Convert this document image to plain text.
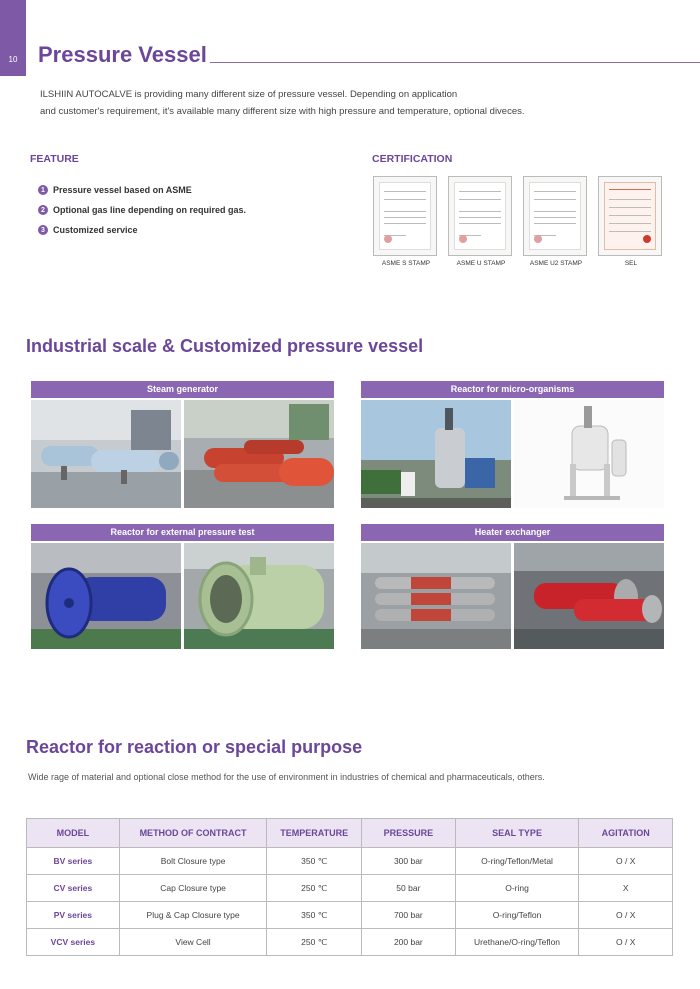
10 Pressure Vessel
ILSHIIN AUTOCALVE is providing many different size of pressure vessel. Depending on application
and customer's requirement, it's available many different size with high pressure and temperature, optional diveces.
FEATURE
1 Pressure vessel based on ASME
2 Optional gas line depending on required gas.
3 Customized service
CERTIFICATION
ASME S STAMP	ASME U STAMP	ASME U2 STAMP	SEL
Industrial scale & Customized pressure vessel
Steam generator	Reactor for micro-organisms
Reactor for external pressure test	Heater exchanger
Reactor for reaction or special purpose
Wide rage of material and optional close method for the use of environment in industries of chemical and pharmaceuticals, others.
MODEL	METHOD OF CONTRACT	TEMPERATURE	PRESSURE	SEAL TYPE	AGITATION
BV series	Bolt Closure type	350 ℃	300 bar	O-ring/Teflon/Metal	O / X
CV series	Cap Closure type	250 ℃	50 bar	O-ring	X
PV series	Plug & Cap Closure type	350 ℃	700 bar	O-ring/Teflon	O / X
VCV series	View Cell	250 ℃	200 bar	Urethane/O-ring/Teflon	O / X
